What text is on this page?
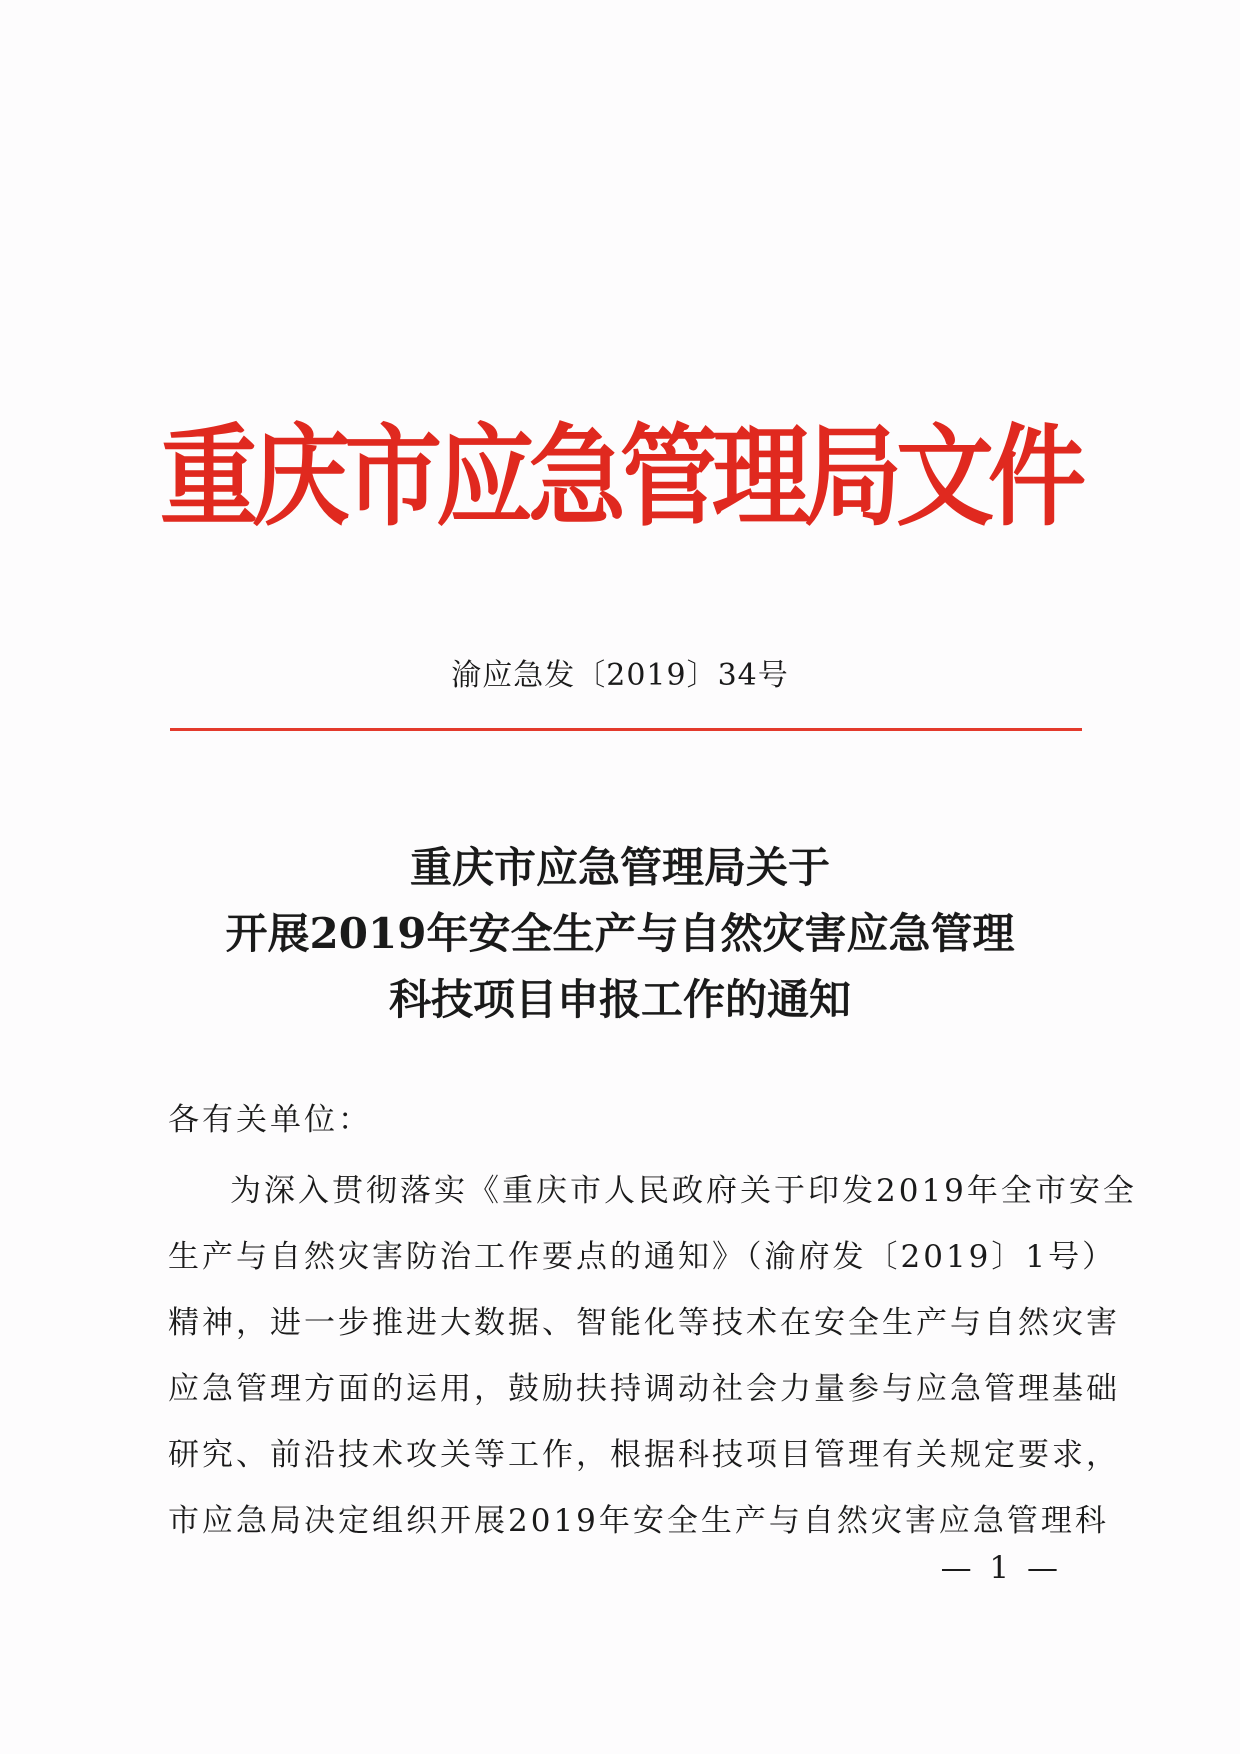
重庆市应急管理局文件
渝应急发〔2019〕34号
重庆市应急管理局关于
开展2019年安全生产与自然灾害应急管理
科技项目申报工作的通知
各有关单位：
为深入贯彻落实《重庆市人民政府关于印发2019年全市安全
生产与自然灾害防治工作要点的通知》（渝府发〔2019〕1号）
精神，进一步推进大数据、智能化等技术在安全生产与自然灾害
应急管理方面的运用，鼓励扶持调动社会力量参与应急管理基础
研究、前沿技术攻关等工作，根据科技项目管理有关规定要求，
市应急局决定组织开展2019年安全生产与自然灾害应急管理科
— 1 —
